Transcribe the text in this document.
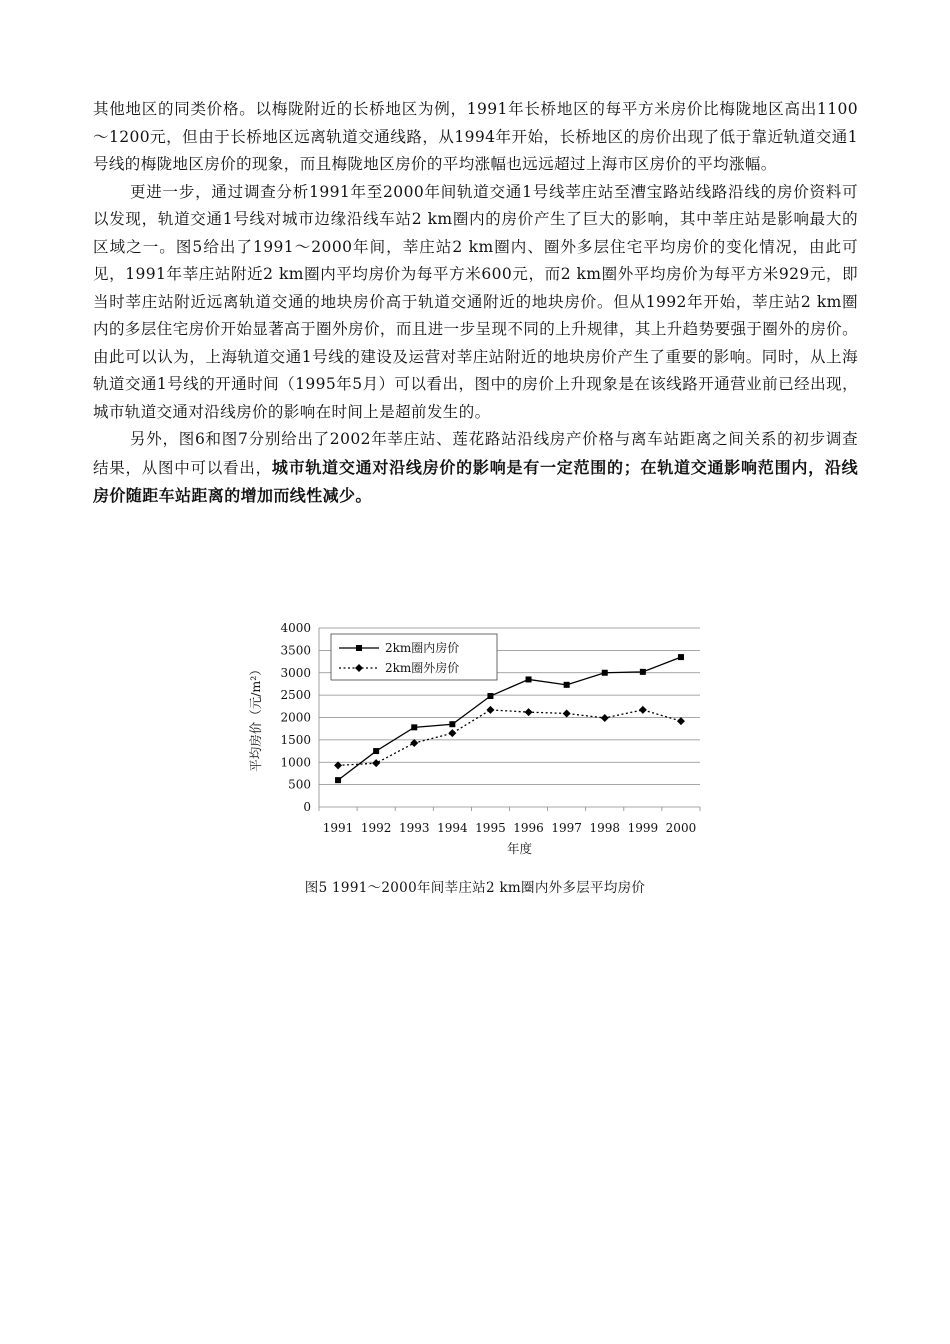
其他地区的同类价格。以梅陇附近的长桥地区为例，1991年长桥地区的每平方米房价比梅陇地区高出1100～1200元，但由于长桥地区远离轨道交通线路，从1994年开始，长桥地区的房价出现了低于靠近轨道交通1号线的梅陇地区房价的现象，而且梅陇地区房价的平均涨幅也远远超过上海市区房价的平均涨幅。

更进一步，通过调查分析1991年至2000年间轨道交通1号线莘庄站至漕宝路站线路沿线的房价资料可以发现，轨道交通1号线对城市边缘沿线车站2 km圈内的房价产生了巨大的影响，其中莘庄站是影响最大的区域之一。图5给出了1991～2000年间，莘庄站2 km圈内、圈外多层住宅平均房价的变化情况，由此可见，1991年莘庄站附近2 km圈内平均房价为每平方米600元，而2 km圈外平均房价为每平方米929元，即当时莘庄站附近远离轨道交通的地块房价高于轨道交通附近的地块房价。但从1992年开始，莘庄站2 km圈内的多层住宅房价开始显著高于圈外房价，而且进一步呈现不同的上升规律，其上升趋势要强于圈外的房价。由此可以认为，上海轨道交通1号线的建设及运营对莘庄站附近的地块房价产生了重要的影响。同时，从上海轨道交通1号线的开通时间（1995年5月）可以看出，图中的房价上升现象是在该线路开通营业前已经出现，城市轨道交通对沿线房价的影响在时间上是超前发生的。

另外，图6和图7分别给出了2002年莘庄站、莲花路站沿线房产价格与离车站距离之间关系的初步调查结果，从图中可以看出，城市轨道交通对沿线房价的影响是有一定范围的；在轨道交通影响范围内，沿线房价随距车站距离的增加而线性减少。

0
500
1000
1500
2000
2500
3000
3500
4000
1991 1992 1993 1994 1995 1996 1997 1998 1999 2000
年度
平均房价（元/m²）
2km圈内房价
2km圈外房价
图5 1991～2000年间莘庄站2 km圈内外多层平均房价
